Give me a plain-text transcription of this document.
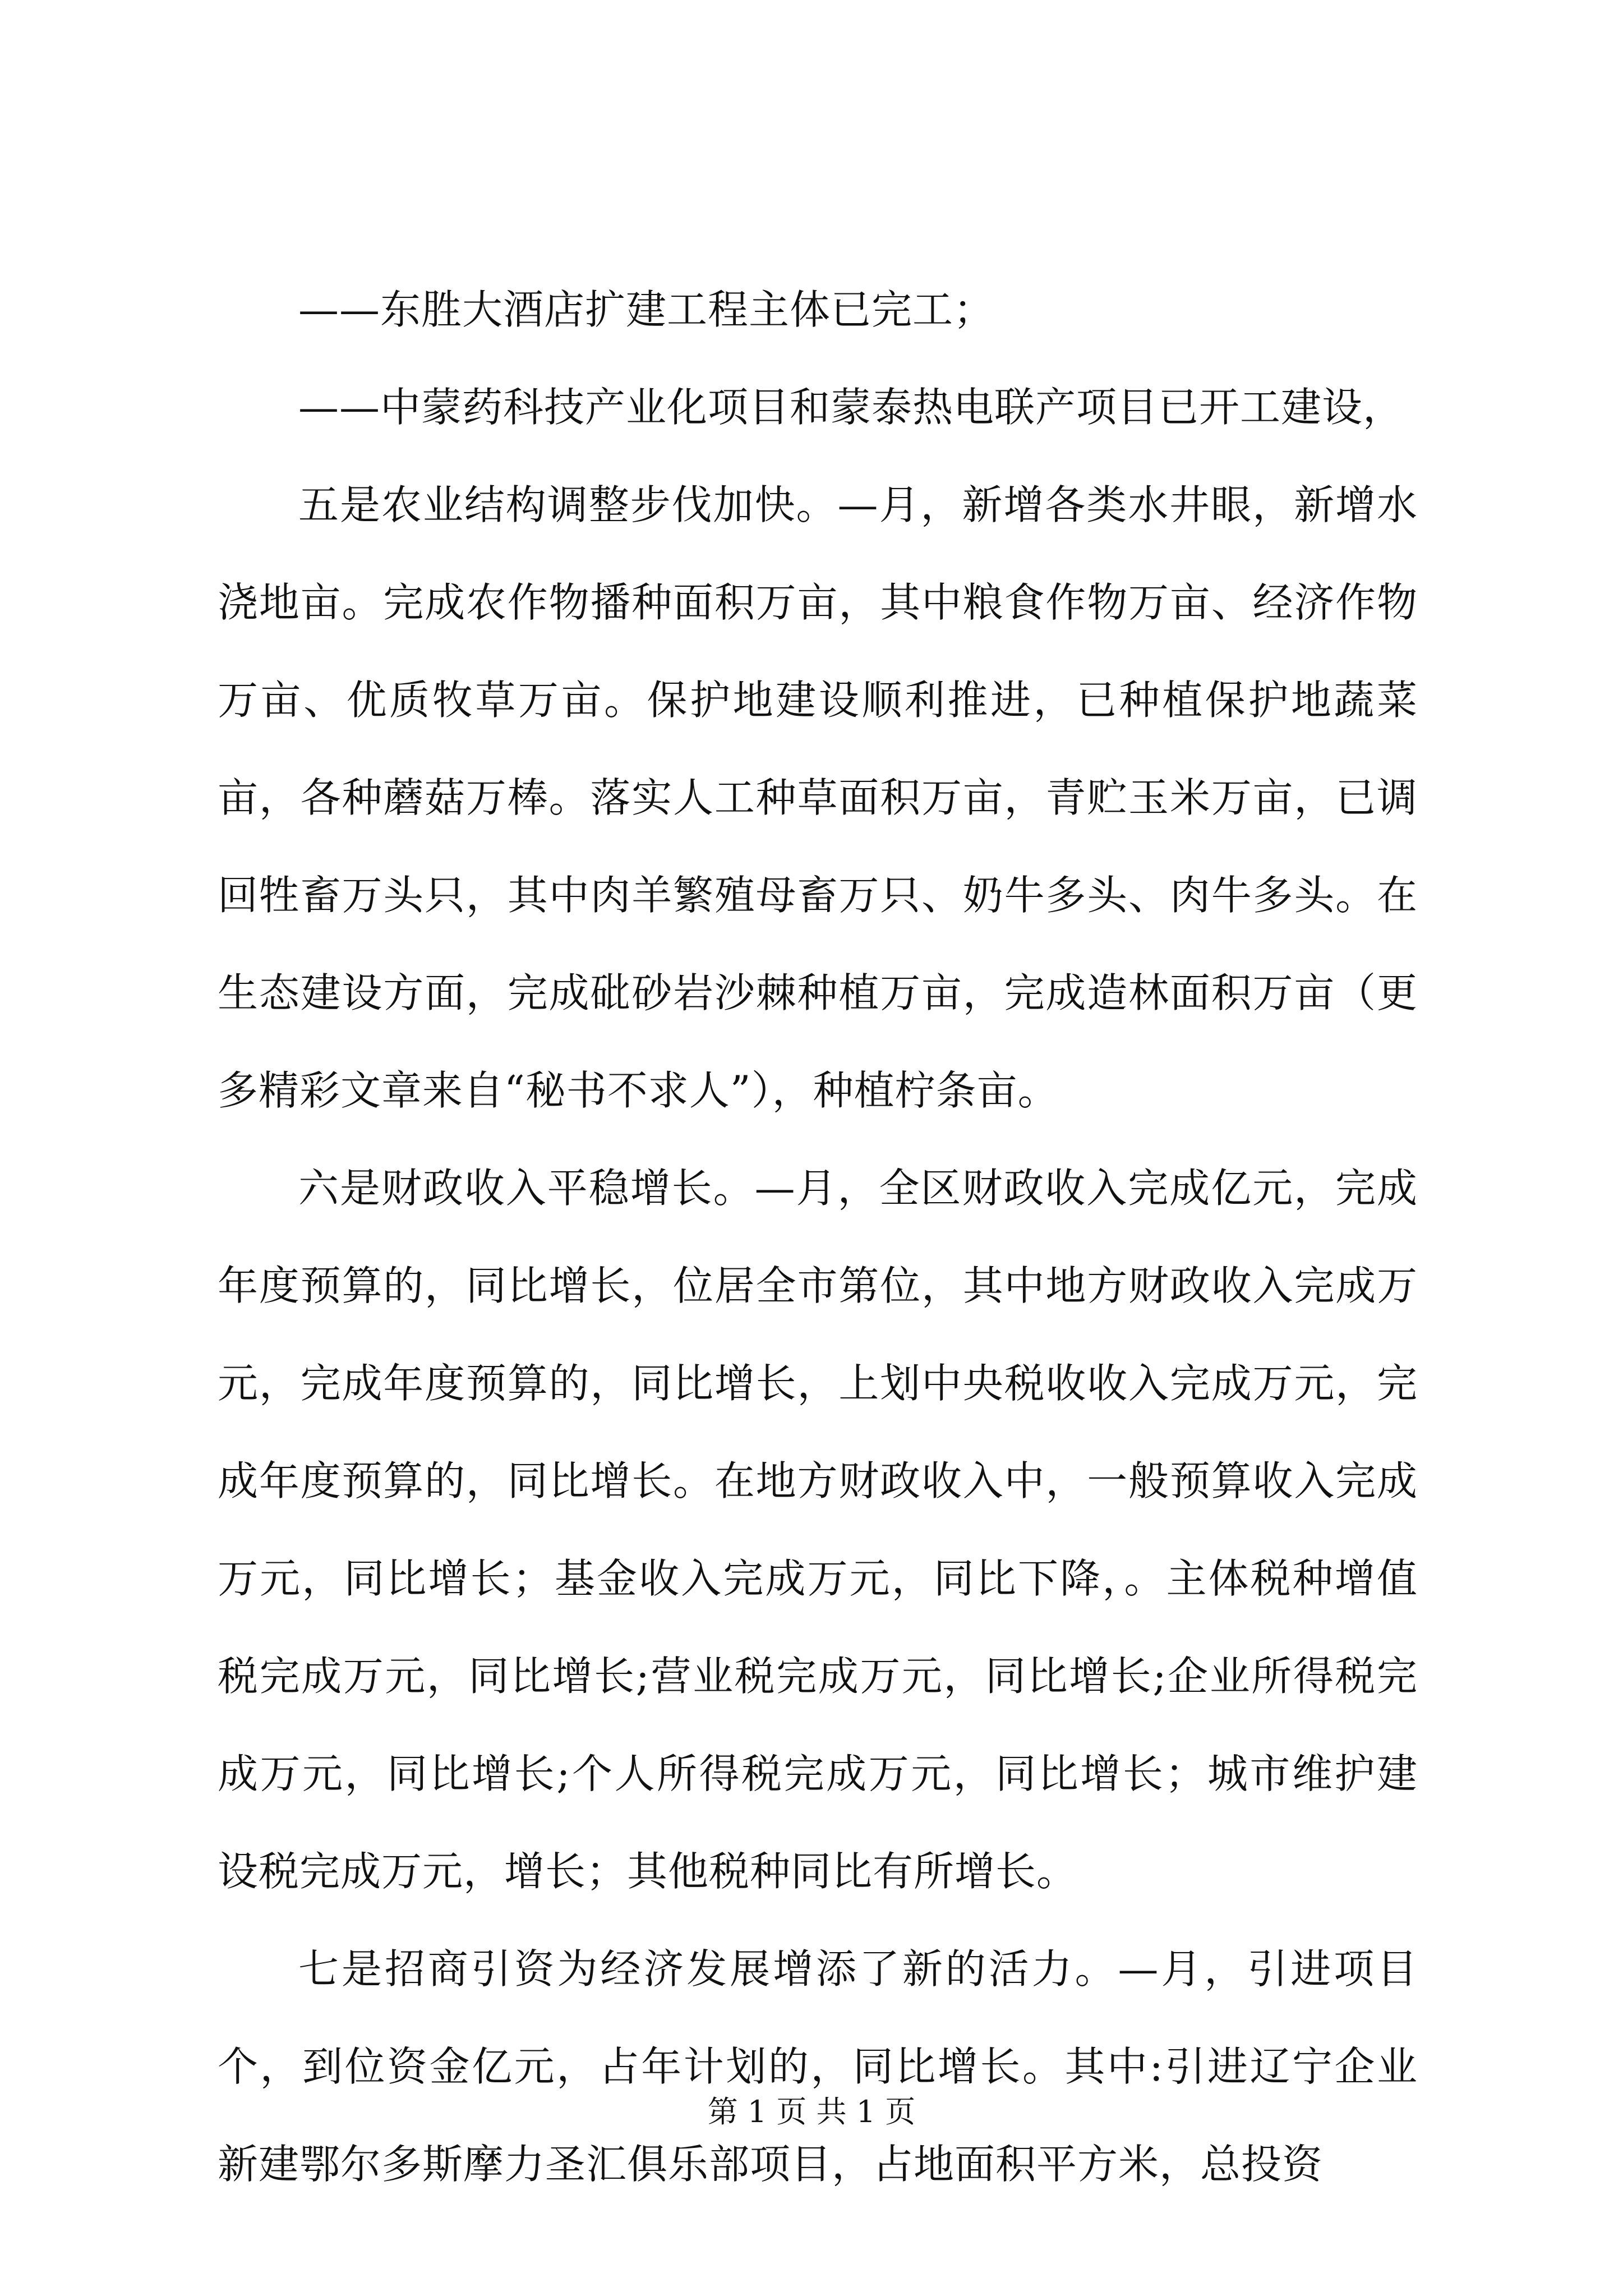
——东胜大酒店扩建工程主体已完工；

——中蒙药科技产业化项目和蒙泰热电联产项目已开工建设，

五是农业结构调整步伐加快。—月，新增各类水井眼，新增水浇地亩。完成农作物播种面积万亩，其中粮食作物万亩、经济作物万亩、优质牧草万亩。保护地建设顺利推进，已种植保护地蔬菜亩，各种蘑菇万棒。落实人工种草面积万亩，青贮玉米万亩，已调回牲畜万头只，其中肉羊繁殖母畜万只、奶牛多头、肉牛多头。在生态建设方面，完成砒砂岩沙棘种植万亩，完成造林面积万亩（更多精彩文章来自“秘书不求人”），种植柠条亩。

六是财政收入平稳增长。—月，全区财政收入完成亿元，完成年度预算的，同比增长，位居全市第位，其中地方财政收入完成万元，完成年度预算的，同比增长，上划中央税收收入完成万元，完成年度预算的，同比增长。在地方财政收入中，一般预算收入完成万元，同比增长；基金收入完成万元，同比下降，。主体税种增值税完成万元，同比增长;营业税完成万元，同比增长;企业所得税完成万元，同比增长;个人所得税完成万元，同比增长；城市维护建设税完成万元，增长；其他税种同比有所增长。

七是招商引资为经济发展增添了新的活力。—月，引进项目个，到位资金亿元，占年计划的，同比增长。其中:引进辽宁企业新建鄂尔多斯摩力圣汇俱乐部项目，占地面积平方米，总投资

第 1 页 共 1 页
